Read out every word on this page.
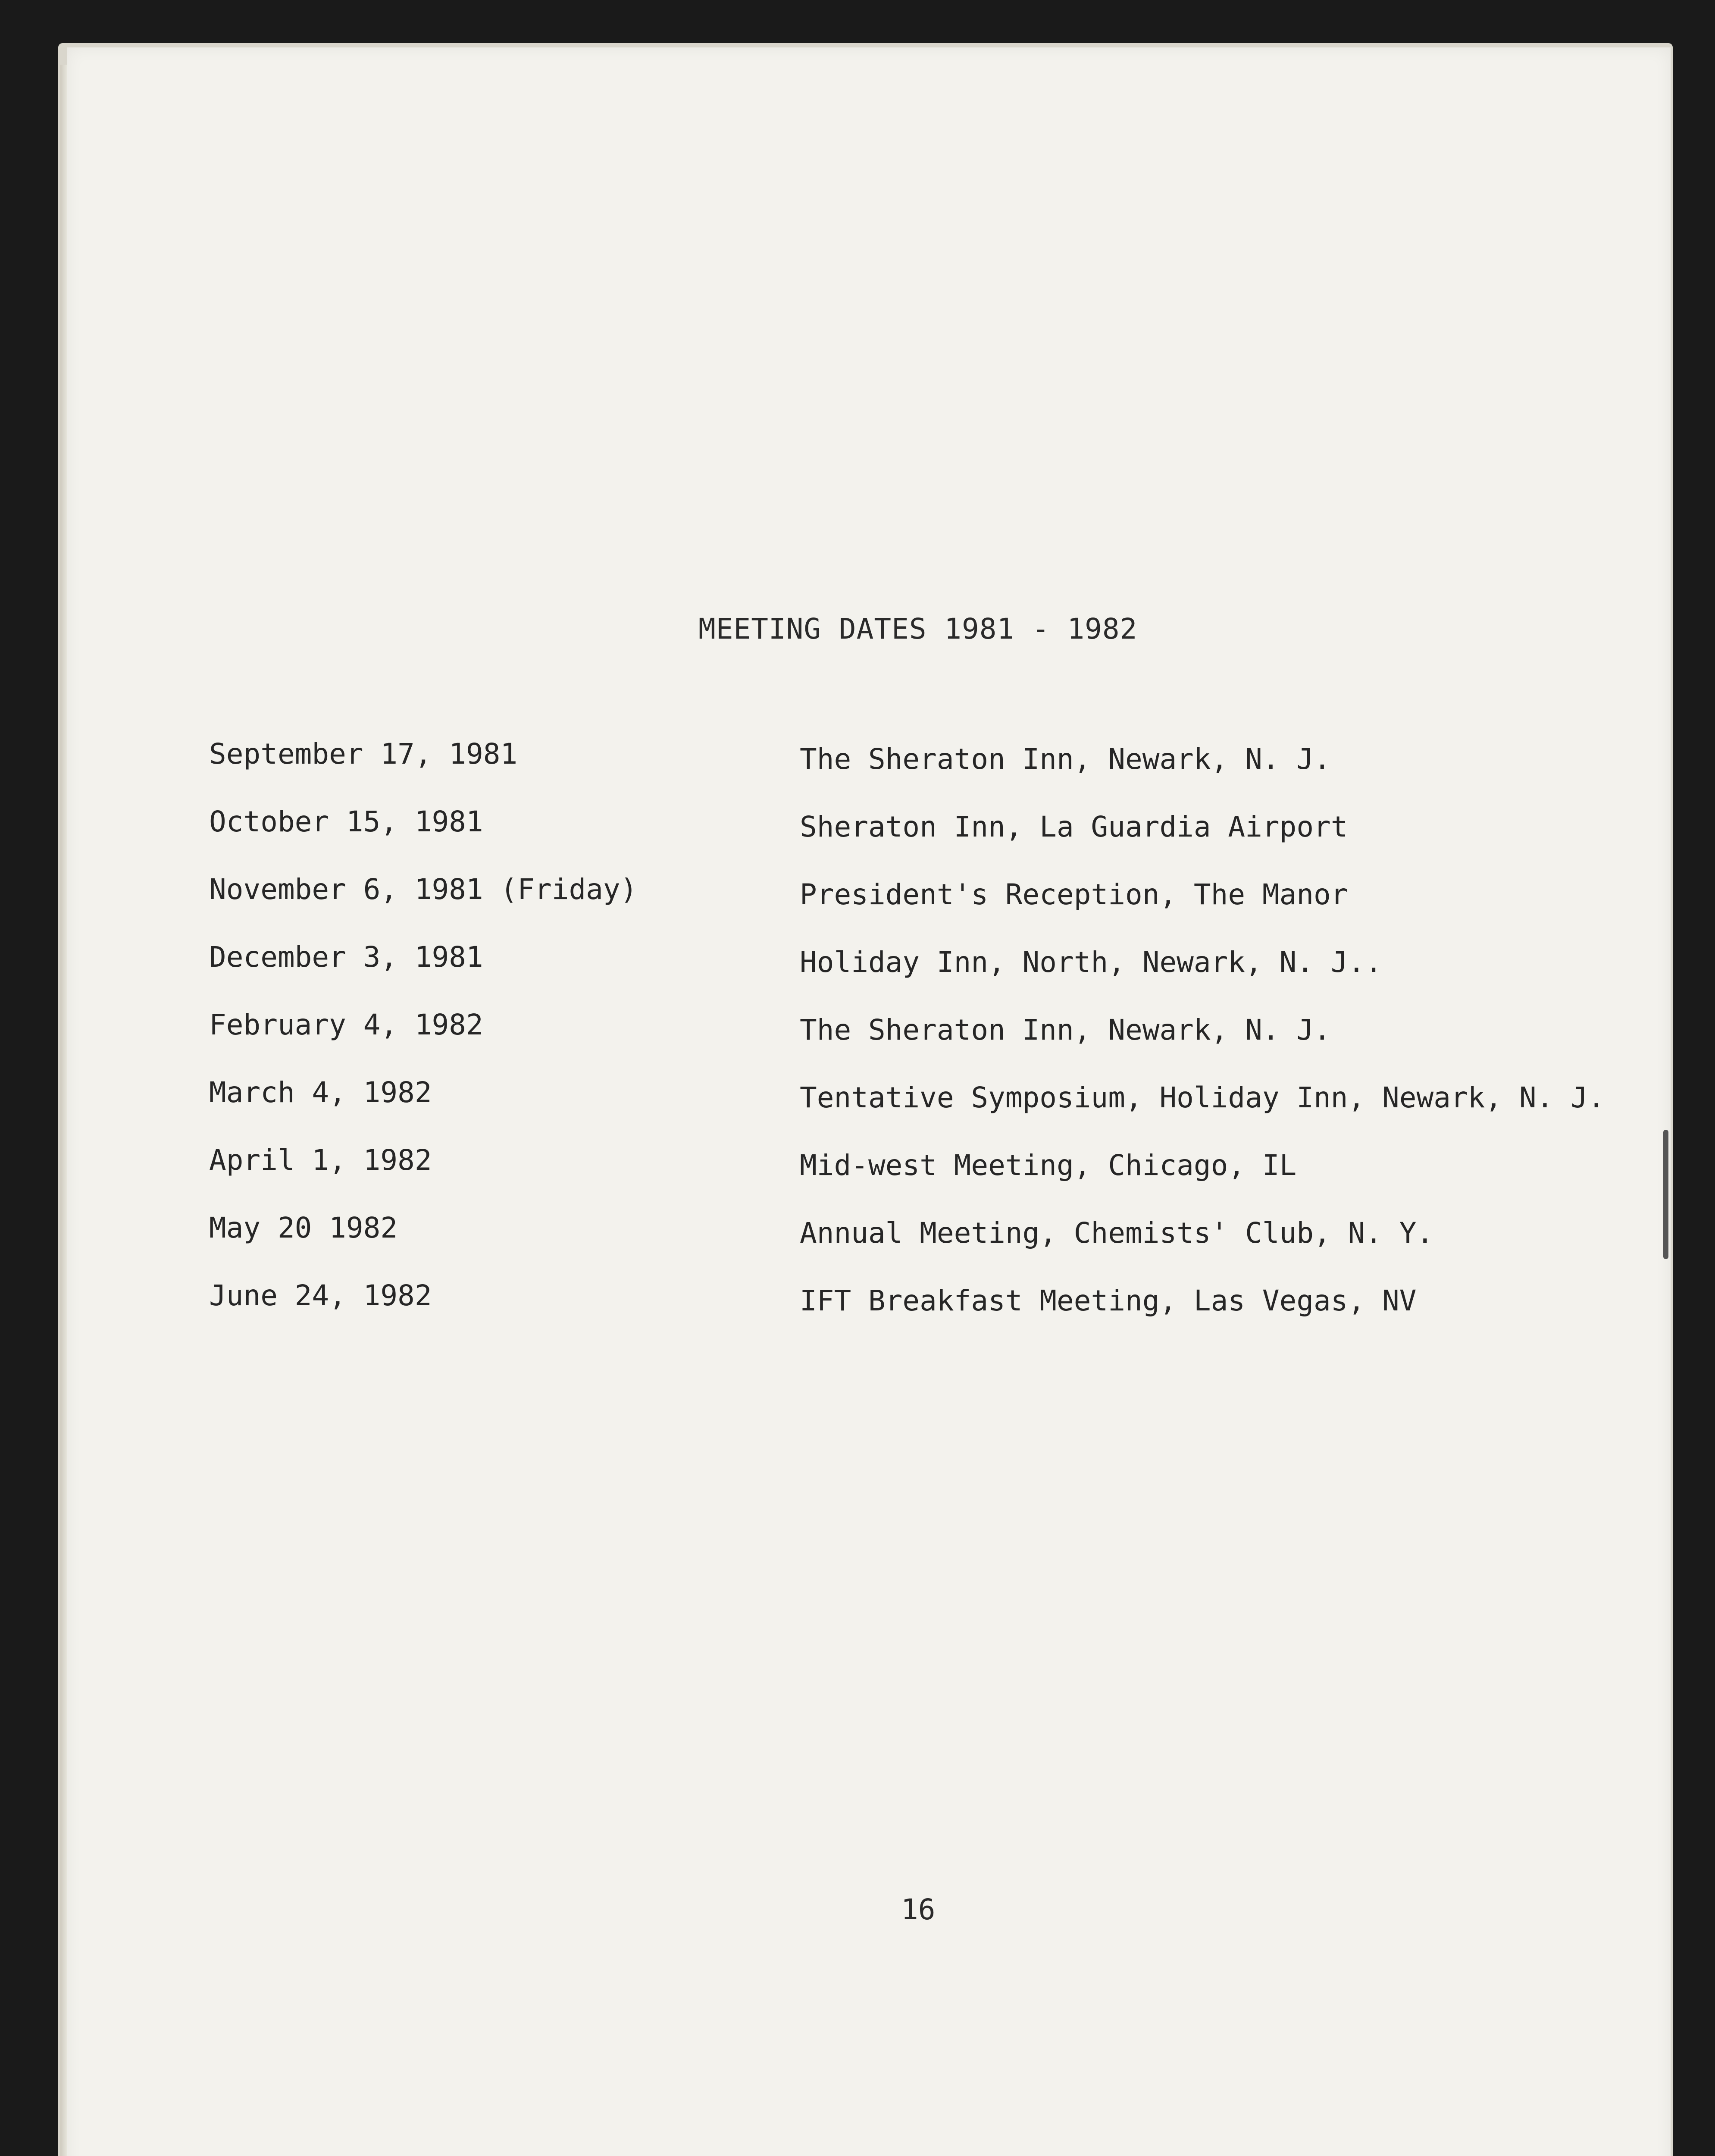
MEETING DATES 1981 - 1982
September 17, 1981	The Sheraton Inn, Newark, N. J.
October 15, 1981	Sheraton Inn, La Guardia Airport
November 6, 1981 (Friday)	President's Reception, The Manor
December 3, 1981	Holiday Inn, North, Newark, N. J..
February 4, 1982	The Sheraton Inn, Newark, N. J.
March 4, 1982	Tentative Symposium, Holiday Inn, Newark, N. J.
April 1, 1982	Mid-west Meeting, Chicago, IL
May 20 1982	Annual Meeting, Chemists' Club, N. Y.
June 24, 1982	IFT Breakfast Meeting, Las Vegas, NV
16
